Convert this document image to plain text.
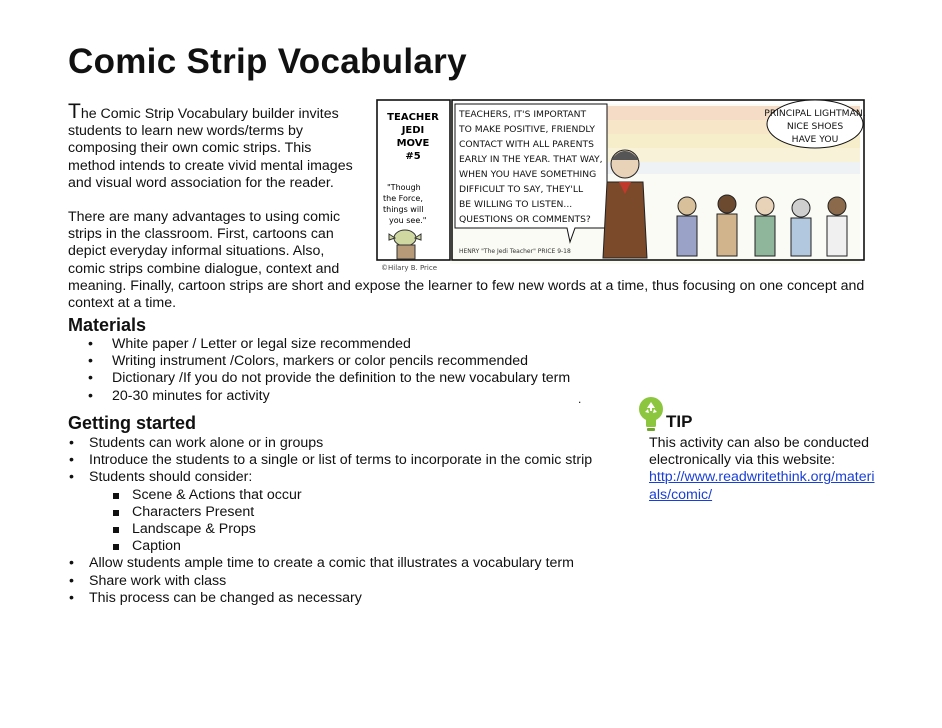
Comic Strip Vocabulary
The Comic Strip Vocabulary builder invites
students to learn new words/terms by
composing their own comic strips. This
method intends to create vivid mental images
and visual word association for the reader.
There are many advantages to using comic
strips in the classroom. First, cartoons can
depict everyday informal situations. Also,
comic strips combine dialogue, context and
meaning. Finally, cartoon strips are short and expose the learner to few new words at a time, thus focusing on one concept and
context at a time.
TEACHER
JEDI
MOVE
#5
"Though
the Force,
things will
you see."
TEACHERS, IT'S IMPORTANT
TO MAKE POSITIVE, FRIENDLY
CONTACT WITH ALL PARENTS
EARLY IN THE YEAR. THAT WAY,
WHEN YOU HAVE SOMETHING
DIFFICULT TO SAY, THEY'LL
BE WILLING TO LISTEN...
QUESTIONS OR COMMENTS?
HENRY "The Jedi Teacher" PRICE 9-18
PRINCIPAL LIGHTMAN,
NICE SHOES
HAVE YOU
©Hilary B. Price
Materials
• White paper / Letter or legal size recommended
• Writing instrument /Colors, markers or color pencils recommended
• Dictionary /If you do not provide the definition to the new vocabulary term
• 20-30 minutes for activity	.
Getting started
• Students can work alone or in groups
• Introduce the students to a single or list of terms to incorporate in the comic strip
• Students should consider:
Scene & Actions that occur
Characters Present
Landscape & Props
Caption
• Allow students ample time to create a comic that illustrates a vocabulary term
• Share work with class
• This process can be changed as necessary
TIP
This activity can also be conducted
electronically via this website:
http://www.readwritethink.org/materi
als/comic/
